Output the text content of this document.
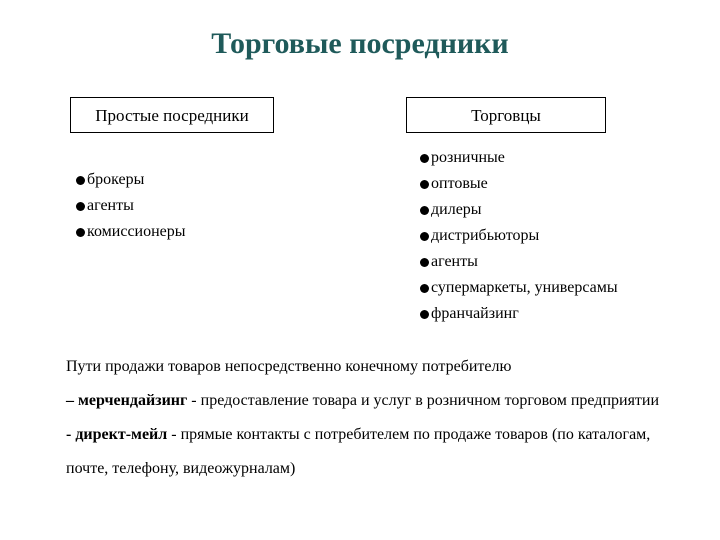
Торговые посредники
Простые посредники	Торговцы
брокеры
агенты
комиссионеры
розничные
оптовые
дилеры
дистрибьюторы
агенты
супермаркеты, универсамы
франчайзинг

Пути продажи товаров непосредственно конечному потребителю

– мерчендайзинг - предоставление товара и услуг в розничном торговом предприятии

- директ-мейл - прямые контакты с потребителем по продаже товаров (по каталогам, почте, телефону, видеожурналам)
